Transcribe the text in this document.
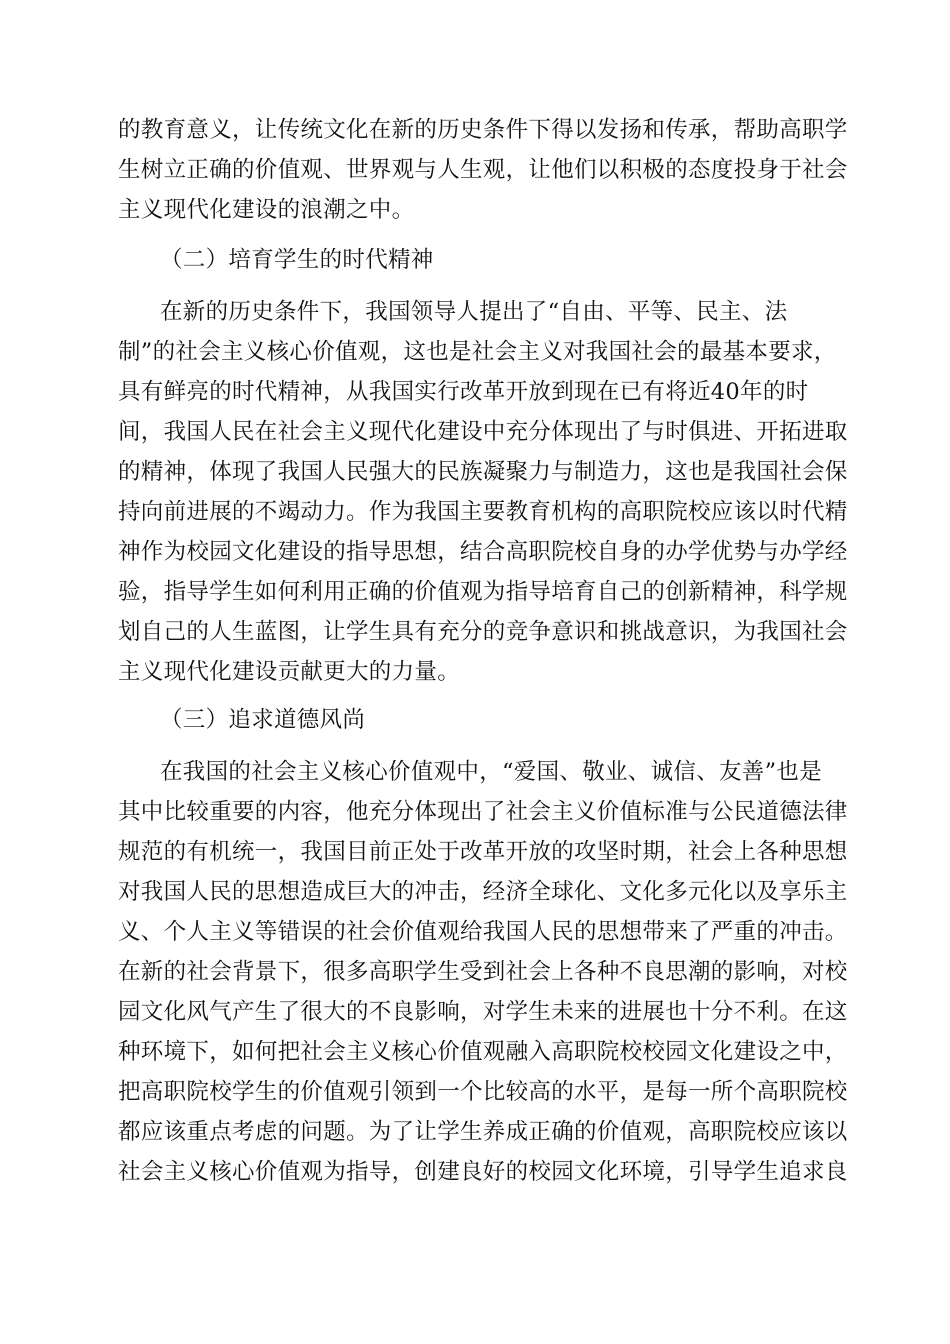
的教育意义，让传统文化在新的历史条件下得以发扬和传承，帮助高职学
生树立正确的价值观、世界观与人生观，让他们以积极的态度投身于社会
主义现代化建设的浪潮之中。
（二）培育学生的时代精神
在新的历史条件下，我国领导人提出了“自由、平等、民主、法
制”的社会主义核心价值观，这也是社会主义对我国社会的最基本要求，
具有鲜亮的时代精神，从我国实行改革开放到现在已有将近40年的时
间，我国人民在社会主义现代化建设中充分体现出了与时俱进、开拓进取
的精神，体现了我国人民强大的民族凝聚力与制造力，这也是我国社会保
持向前进展的不竭动力。作为我国主要教育机构的高职院校应该以时代精
神作为校园文化建设的指导思想，结合高职院校自身的办学优势与办学经
验，指导学生如何利用正确的价值观为指导培育自己的创新精神，科学规
划自己的人生蓝图，让学生具有充分的竞争意识和挑战意识，为我国社会
主义现代化建设贡献更大的力量。
（三）追求道德风尚
在我国的社会主义核心价值观中，“爱国、敬业、诚信、友善”也是
其中比较重要的内容，他充分体现出了社会主义价值标准与公民道德法律
规范的有机统一，我国目前正处于改革开放的攻坚时期，社会上各种思想
对我国人民的思想造成巨大的冲击，经济全球化、文化多元化以及享乐主
义、个人主义等错误的社会价值观给我国人民的思想带来了严重的冲击。
在新的社会背景下，很多高职学生受到社会上各种不良思潮的影响，对校
园文化风气产生了很大的不良影响，对学生未来的进展也十分不利。在这
种环境下，如何把社会主义核心价值观融入高职院校校园文化建设之中，
把高职院校学生的价值观引领到一个比较高的水平，是每一所个高职院校
都应该重点考虑的问题。为了让学生养成正确的价值观，高职院校应该以
社会主义核心价值观为指导，创建良好的校园文化环境，引导学生追求良
